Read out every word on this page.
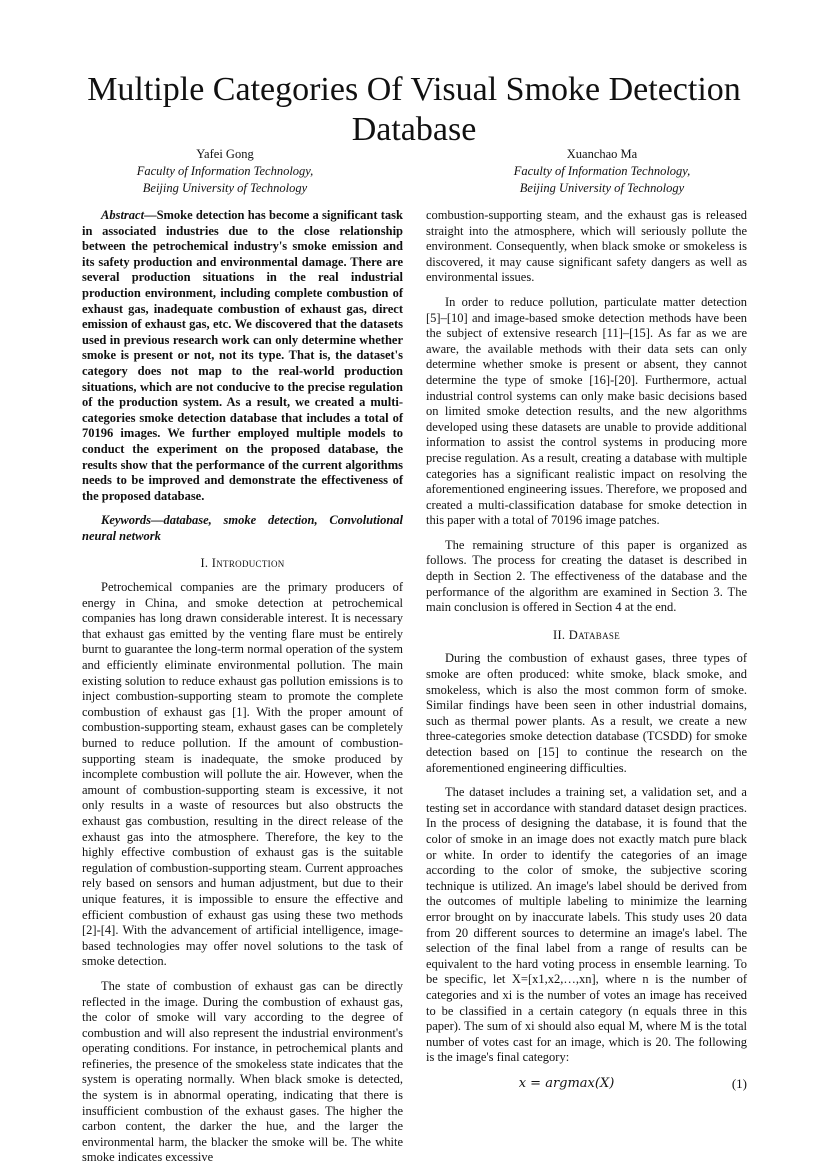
Multiple Categories Of Visual Smoke Detection Database
Yafei Gong
Faculty of Information Technology,
Beijing University of Technology
Xuanchao Ma
Faculty of Information Technology,
Beijing University of Technology

Abstract—Smoke detection has become a significant task in associated industries due to the close relationship between the petrochemical industry's smoke emission and its safety production and environmental damage. There are several production situations in the real industrial production environment, including complete combustion of exhaust gas, inadequate combustion of exhaust gas, direct emission of exhaust gas, etc. We discovered that the datasets used in previous research work can only determine whether smoke is present or not, not its type. That is, the dataset's category does not map to the real-world production situations, which are not conducive to the precise regulation of the production system. As a result, we created a multi-categories smoke detection database that includes a total of 70196 images. We further employed multiple models to conduct the experiment on the proposed database, the results show that the performance of the current algorithms needs to be improved and demonstrate the effectiveness of the proposed database.

Keywords—database, smoke detection, Convolutional neural network

I. Introduction

Petrochemical companies are the primary producers of energy in China, and smoke detection at petrochemical companies has long drawn considerable interest. It is necessary that exhaust gas emitted by the venting flare must be entirely burnt to guarantee the long-term normal operation of the system and efficiently eliminate environmental pollution. The main existing solution to reduce exhaust gas pollution emissions is to inject combustion-supporting steam to promote the complete combustion of exhaust gas [1]. With the proper amount of combustion-supporting steam, exhaust gases can be completely burned to reduce pollution. If the amount of combustion-supporting steam is inadequate, the smoke produced by incomplete combustion will pollute the air. However, when the amount of combustion-supporting steam is excessive, it not only results in a waste of resources but also obstructs the exhaust gas combustion, resulting in the direct release of the exhaust gas into the atmosphere. Therefore, the key to the highly effective combustion of exhaust gas is the suitable regulation of combustion-supporting steam. Current approaches rely based on sensors and human adjustment, but due to their unique features, it is impossible to ensure the effective and efficient combustion of exhaust gas using these two methods [2]-[4]. With the advancement of artificial intelligence, image-based technologies may offer novel solutions to the task of smoke detection.

The state of combustion of exhaust gas can be directly reflected in the image. During the combustion of exhaust gas, the color of smoke will vary according to the degree of combustion and will also represent the industrial environment's operating conditions. For instance, in petrochemical plants and refineries, the presence of the smokeless state indicates that the system is operating normally. When black smoke is detected, the system is in abnormal operating, indicating that there is insufficient combustion of the exhaust gases. The higher the carbon content, the darker the hue, and the larger the environmental harm, the blacker the smoke will be. The white smoke indicates excessive

combustion-supporting steam, and the exhaust gas is released straight into the atmosphere, which will seriously pollute the environment. Consequently, when black smoke or smokeless is discovered, it may cause significant safety dangers as well as environmental issues.

In order to reduce pollution, particulate matter detection [5]–[10] and image-based smoke detection methods have been the subject of extensive research [11]–[15]. As far as we are aware, the available methods with their data sets can only determine whether smoke is present or absent, they cannot determine the type of smoke [16]-[20]. Furthermore, actual industrial control systems can only make basic decisions based on limited smoke detection results, and the new algorithms developed using these datasets are unable to provide additional information to assist the control systems in producing more precise regulation. As a result, creating a database with multiple categories has a significant realistic impact on resolving the aforementioned engineering issues. Therefore, we proposed and created a multi-classification database for smoke detection in this paper with a total of 70196 image patches.

The remaining structure of this paper is organized as follows. The process for creating the dataset is described in depth in Section 2. The effectiveness of the database and the performance of the algorithm are examined in Section 3. The main conclusion is offered in Section 4 at the end.

II. Database

During the combustion of exhaust gases, three types of smoke are often produced: white smoke, black smoke, and smokeless, which is also the most common form of smoke. Similar findings have been seen in other industrial domains, such as thermal power plants. As a result, we create a new three-categories smoke detection database (TCSDD) for smoke detection based on [15] to continue the research on the aforementioned engineering difficulties.

The dataset includes a training set, a validation set, and a testing set in accordance with standard dataset design practices. In the process of designing the database, it is found that the color of smoke in an image does not exactly match pure black or white. In order to identify the categories of an image according to the color of smoke, the subjective scoring technique is utilized. An image's label should be derived from the outcomes of multiple labeling to minimize the learning error brought on by inaccurate labels. This study uses 20 data from 20 different sources to determine an image's label. The selection of the final label from a range of results can be equivalent to the hard voting process in ensemble learning. To be specific, let X=[x1,x2,…,xn], where n is the number of categories and xi is the number of votes an image has received to be classified in a certain category (n equals three in this paper). The sum of xi should also equal M, where M is the total number of votes cast for an image, which is 20. The following is the image's final category:

x = argmax(X)	(1)
